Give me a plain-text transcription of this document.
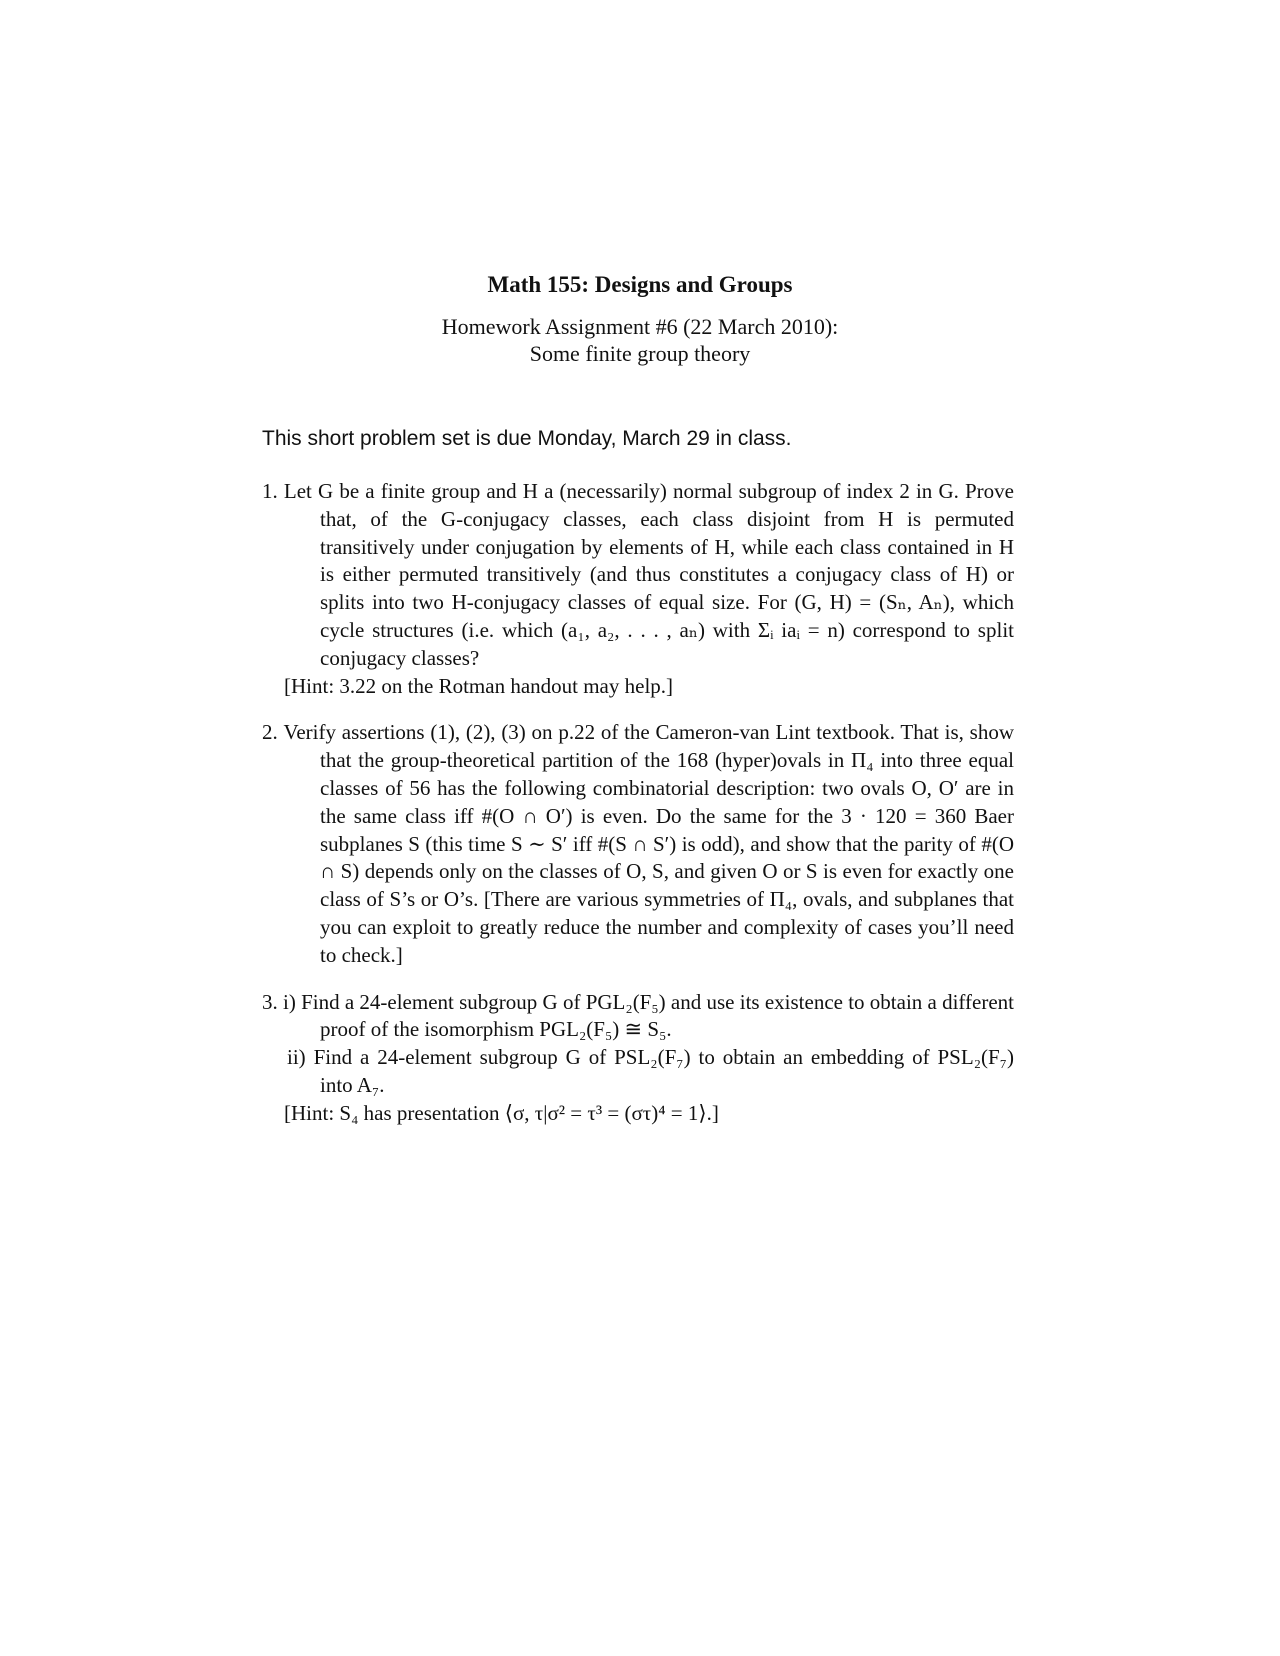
Math 155: Designs and Groups
Homework Assignment #6 (22 March 2010):
Some finite group theory
This short problem set is due Monday, March 29 in class.
1. Let G be a finite group and H a (necessarily) normal subgroup of index 2 in G. Prove that, of the G-conjugacy classes, each class disjoint from H is permuted transitively under conjugation by elements of H, while each class contained in H is either permuted transitively (and thus constitutes a conjugacy class of H) or splits into two H-conjugacy classes of equal size. For (G, H) = (Sₙ, Aₙ), which cycle structures (i.e. which (a₁, a₂, . . . , aₙ) with Σᵢ iaᵢ = n) correspond to split conjugacy classes?
[Hint: 3.22 on the Rotman handout may help.]
2. Verify assertions (1), (2), (3) on p.22 of the Cameron-van Lint textbook. That is, show that the group-theoretical partition of the 168 (hyper)ovals in Π₄ into three equal classes of 56 has the following combinatorial description: two ovals O, O′ are in the same class iff #(O ∩ O′) is even. Do the same for the 3 · 120 = 360 Baer subplanes S (this time S ∼ S′ iff #(S ∩ S′) is odd), and show that the parity of #(O ∩ S) depends only on the classes of O, S, and given O or S is even for exactly one class of S’s or O’s. [There are various symmetries of Π₄, ovals, and subplanes that you can exploit to greatly reduce the number and complexity of cases you’ll need to check.]
3. i) Find a 24-element subgroup G of PGL₂(F₅) and use its existence to obtain a different proof of the isomorphism PGL₂(F₅) ≅ S₅.
ii) Find a 24-element subgroup G of PSL₂(F₇) to obtain an embedding of PSL₂(F₇) into A₇.
[Hint: S₄ has presentation ⟨σ, τ|σ² = τ³ = (στ)⁴ = 1⟩.]
